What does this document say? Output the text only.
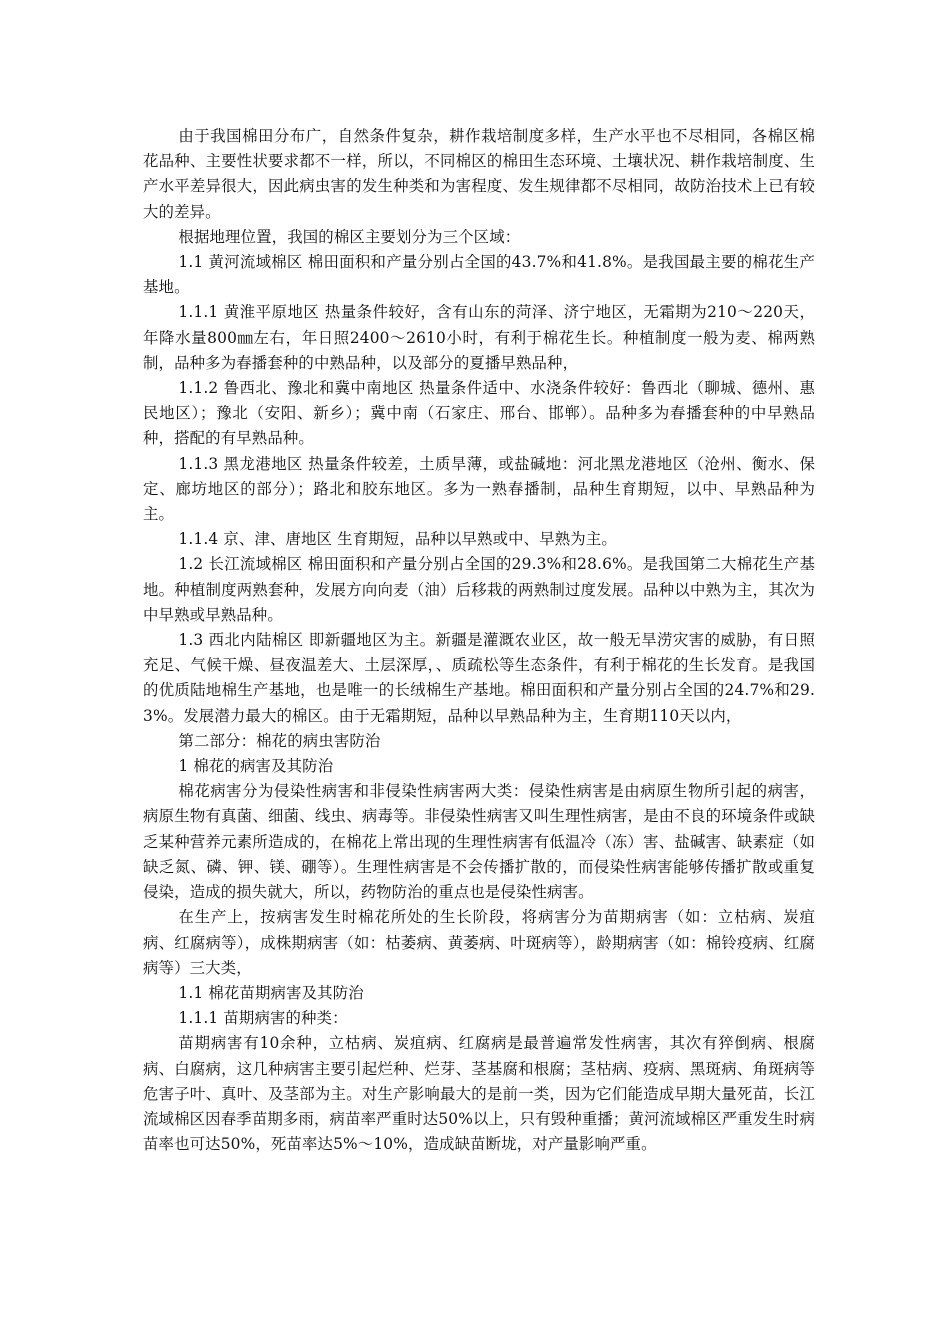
由于我国棉田分布广，自然条件复杂，耕作栽培制度多样，生产水平也不尽相同，各棉区棉花品种、主要性状要求都不一样，所以，不同棉区的棉田生态环境、土壤状况、耕作栽培制度、生产水平差异很大，因此病虫害的发生种类和为害程度、发生规律都不尽相同，故防治技术上已有较大的差异。

根据地理位置，我国的棉区主要划分为三个区域：

1.1 黄河流域棉区 棉田面积和产量分别占全国的43.7%和41.8%。是我国最主要的棉花生产基地。

1.1.1 黄淮平原地区 热量条件较好，含有山东的菏泽、济宁地区，无霜期为210～220天，年降水量800㎜左右，年日照2400～2610小时，有利于棉花生长。种植制度一般为麦、棉两熟制，品种多为春播套种的中熟品种，以及部分的夏播早熟品种，

1.1.2 鲁西北、豫北和冀中南地区 热量条件适中、水浇条件较好：鲁西北（聊城、德州、惠民地区）；豫北（安阳、新乡）；冀中南（石家庄、邢台、邯郸）。品种多为春播套种的中早熟品种，搭配的有早熟品种。

1.1.3 黑龙港地区 热量条件较差，土质旱薄，或盐碱地：河北黑龙港地区（沧州、衡水、保定、廊坊地区的部分）；路北和胶东地区。多为一熟春播制，品种生育期短，以中、早熟品种为主。

1.1.4 京、津、唐地区 生育期短，品种以早熟或中、早熟为主。

1.2 长江流域棉区 棉田面积和产量分别占全国的29.3%和28.6%。是我国第二大棉花生产基地。种植制度两熟套种，发展方向向麦（油）后移栽的两熟制过度发展。品种以中熟为主，其次为中早熟或早熟品种。

1.3 西北内陆棉区 即新疆地区为主。新疆是灌溉农业区，故一般无旱涝灾害的威胁，有日照充足、气候干燥、昼夜温差大、土层深厚，、质疏松等生态条件，有利于棉花的生长发育。是我国的优质陆地棉生产基地，也是唯一的长绒棉生产基地。棉田面积和产量分别占全国的24.7%和29.3%。发展潜力最大的棉区。由于无霜期短，品种以早熟品种为主，生育期110天以内，

第二部分：棉花的病虫害防治

1 棉花的病害及其防治

棉花病害分为侵染性病害和非侵染性病害两大类：侵染性病害是由病原生物所引起的病害，病原生物有真菌、细菌、线虫、病毒等。非侵染性病害又叫生理性病害，是由不良的环境条件或缺乏某种营养元素所造成的，在棉花上常出现的生理性病害有低温冷（冻）害、盐碱害、缺素症（如缺乏氮、磷、钾、镁、硼等）。生理性病害是不会传播扩散的，而侵染性病害能够传播扩散或重复侵染，造成的损失就大，所以，药物防治的重点也是侵染性病害。

在生产上，按病害发生时棉花所处的生长阶段，将病害分为苗期病害（如：立枯病、炭疽病、红腐病等），成株期病害（如：枯萎病、黄萎病、叶斑病等），龄期病害（如：棉铃疫病、红腐病等）三大类，

1.1 棉花苗期病害及其防治

1.1.1 苗期病害的种类：

苗期病害有10余种，立枯病、炭疽病、红腐病是最普遍常发性病害，其次有猝倒病、根腐病、白腐病，这几种病害主要引起烂种、烂芽、茎基腐和根腐；茎枯病、疫病、黑斑病、角斑病等危害子叶、真叶、及茎部为主。对生产影响最大的是前一类，因为它们能造成早期大量死苗，长江流域棉区因春季苗期多雨，病苗率严重时达50%以上，只有毁种重播；黄河流域棉区严重发生时病苗率也可达50%，死苗率达5%～10%，造成缺苗断垅，对产量影响严重。
